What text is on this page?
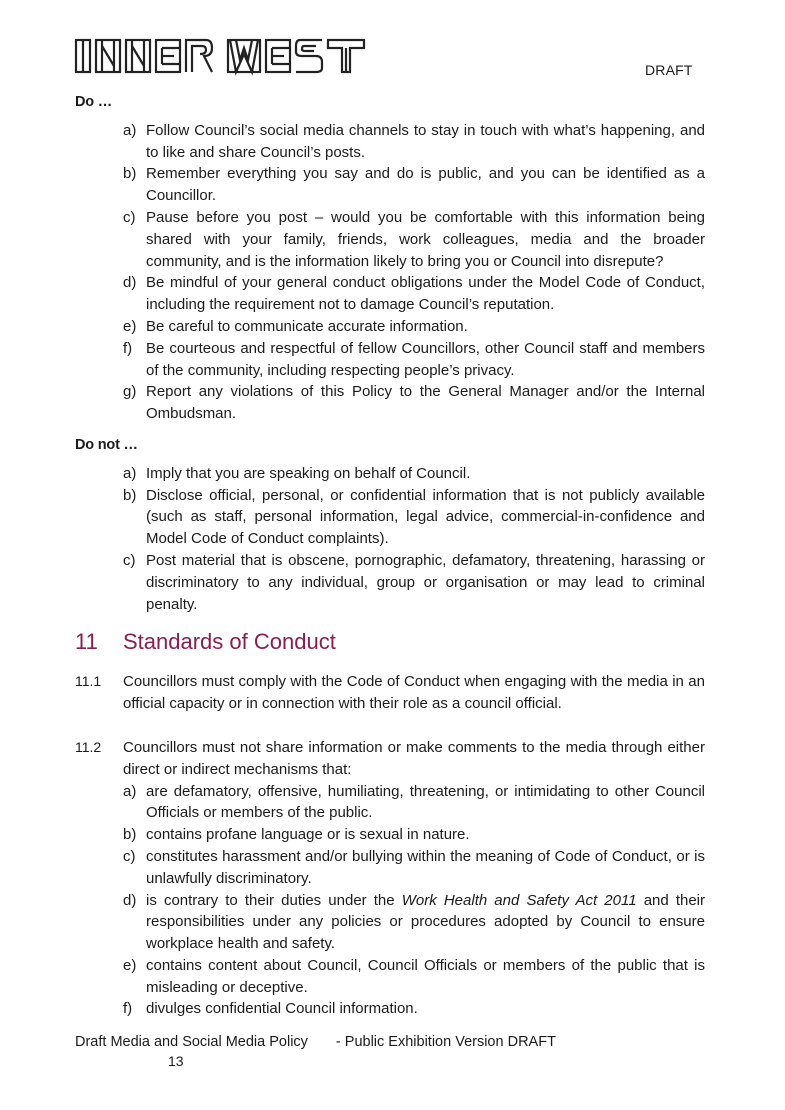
DRAFT

Do …

a) Follow Council’s social media channels to stay in touch with what’s happening, and to like and share Council’s posts.
b) Remember everything you say and do is public, and you can be identified as a Councillor.
c) Pause before you post – would you be comfortable with this information being shared with your family, friends, work colleagues, media and the broader community, and is the information likely to bring you or Council into disrepute?
d) Be mindful of your general conduct obligations under the Model Code of Conduct, including the requirement not to damage Council’s reputation.
e) Be careful to communicate accurate information.
f) Be courteous and respectful of fellow Councillors, other Council staff and members of the community, including respecting people’s privacy.
g) Report any violations of this Policy to the General Manager and/or the Internal Ombudsman.

Do not …

a) Imply that you are speaking on behalf of Council.
b) Disclose official, personal, or confidential information that is not publicly available (such as staff, personal information, legal advice, commercial-in-confidence and Model Code of Conduct complaints).
c) Post material that is obscene, pornographic, defamatory, threatening, harassing or discriminatory to any individual, group or organisation or may lead to criminal penalty.
11	Standards of Conduct
11.1	Councillors must comply with the Code of Conduct when engaging with the media in an official capacity or in connection with their role as a council official.
11.2	Councillors must not share information or make comments to the media through either direct or indirect mechanisms that:
a) are defamatory, offensive, humiliating, threatening, or intimidating to other Council Officials or members of the public.
b) contains profane language or is sexual in nature.
c) constitutes harassment and/or bullying within the meaning of Code of Conduct, or is unlawfully discriminatory.
d) is contrary to their duties under the Work Health and Safety Act 2011 and their responsibilities under any policies or procedures adopted by Council to ensure workplace health and safety.
e) contains content about Council, Council Officials or members of the public that is misleading or deceptive.
f) divulges confidential Council information.
Draft Media and Social Media Policy - Public Exhibition Version DRAFT
13
